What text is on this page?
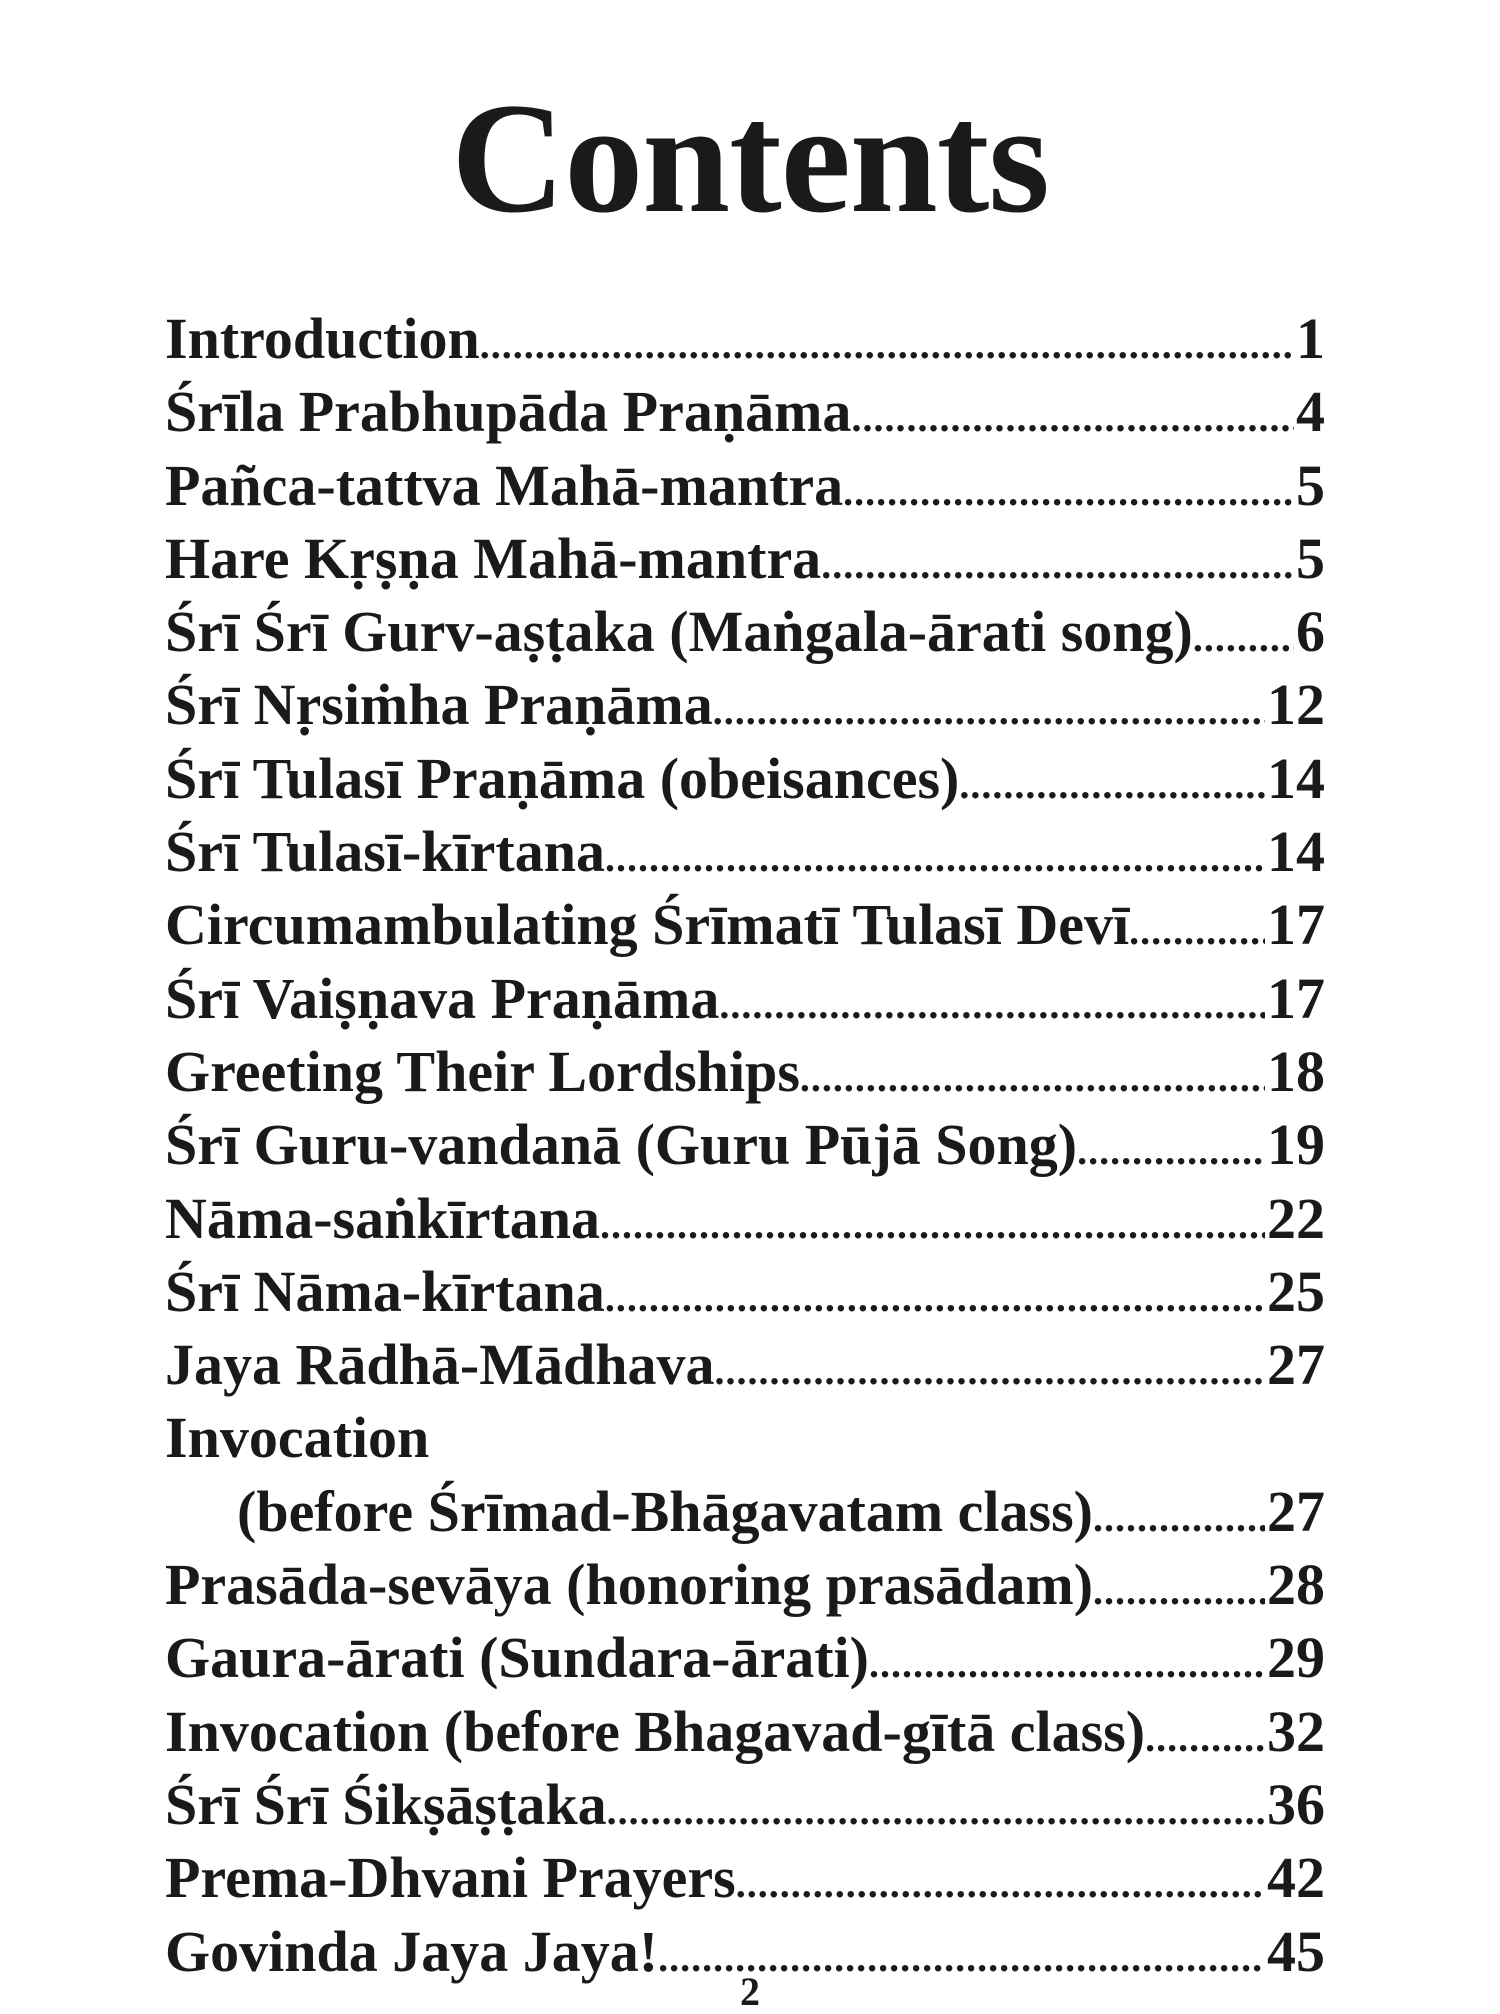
Contents
Introduction .....	1
Śrīla Prabhupāda Praṇāma .....	4
Pañca-tattva Mahā-mantra .....	5
Hare Kṛṣṇa Mahā-mantra .....	5
Śrī Śrī Gurv-aṣṭaka (Maṅgala-ārati song) ..... 6
Śrī Nṛsiṁha Praṇāma .....	12
Śrī Tulasī Praṇāma (obeisances) .....	14
Śrī Tulasī-kīrtana .....	14
Circumambulating Śrīmatī Tulasī Devī ..... 17
Śrī Vaiṣṇava Praṇāma .....	17
Greeting Their Lordships .....	18
Śrī Guru-vandanā (Guru Pūjā Song) .....	19
Nāma-saṅkīrtana .....	22
Śrī Nāma-kīrtana .....	25
Jaya Rādhā-Mādhava .....	27
Invocation
(before Śrīmad-Bhāgavatam class) .....	27
Prasāda-sevāya (honoring prasādam) .....	28
Gaura-ārati (Sundara-ārati) .....	29
Invocation (before Bhagavad-gītā class) ..... 32
Śrī Śrī Śikṣāṣṭaka .....	36
Prema-Dhvani Prayers .....	42
Govinda Jaya Jaya! .....	45
2
